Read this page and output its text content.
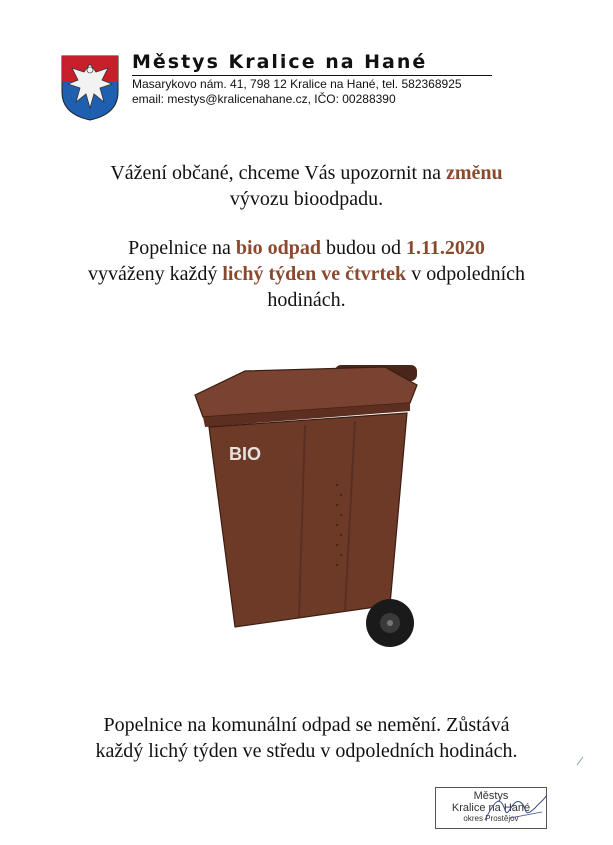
Městys Kralice na Hané
Masarykovo nám. 41, 798 12 Kralice na Hané, tel. 582368925
email: mestys@kralicenahane.cz, IČO: 00288390
Vážení občané, chceme Vás upozornit na změnu
vývozu bioodpadu.
Popelnice na bio odpad budou od 1.11.2020
vyváženy každý lichý týden ve čtvrtek v odpoledních
hodinách.
BIO
Popelnice na komunální odpad se nemění. Zůstává
každý lichý týden ve středu v odpoledních hodinách.
Městys
Kralice na Hané
okres Prostějov
